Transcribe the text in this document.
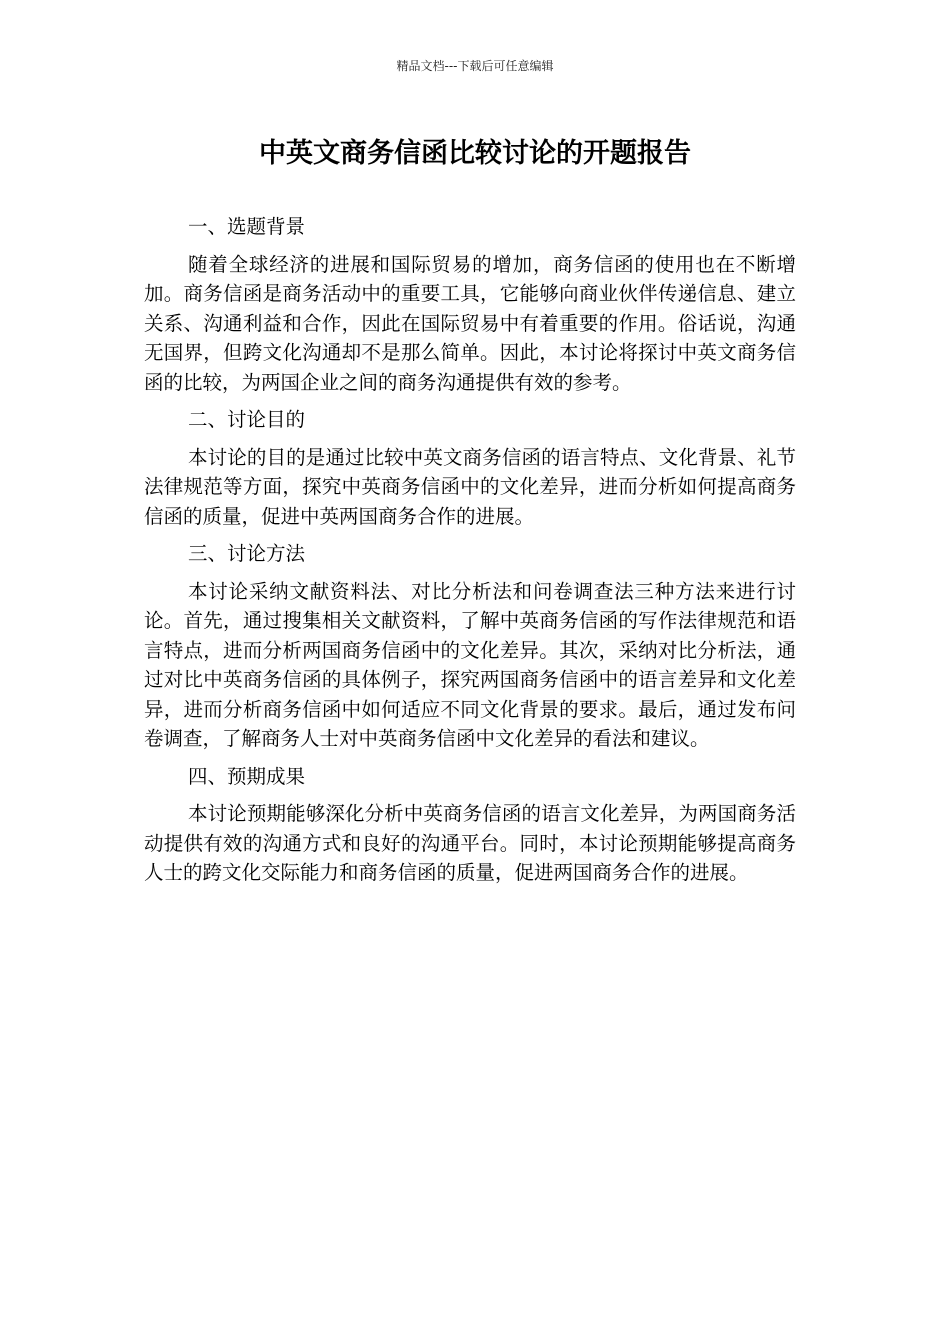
精品文档---下载后可任意编辑
中英文商务信函比较讨论的开题报告
一、选题背景

随着全球经济的进展和国际贸易的增加，商务信函的使用也在不断增加。商务信函是商务活动中的重要工具，它能够向商业伙伴传递信息、建立关系、沟通利益和合作，因此在国际贸易中有着重要的作用。俗话说，沟通无国界，但跨文化沟通却不是那么简单。因此，本讨论将探讨中英文商务信函的比较，为两国企业之间的商务沟通提供有效的参考。

二、讨论目的

本讨论的目的是通过比较中英文商务信函的语言特点、文化背景、礼节法律规范等方面，探究中英商务信函中的文化差异，进而分析如何提高商务信函的质量，促进中英两国商务合作的进展。

三、讨论方法

本讨论采纳文献资料法、对比分析法和问卷调查法三种方法来进行讨论。首先，通过搜集相关文献资料，了解中英商务信函的写作法律规范和语言特点，进而分析两国商务信函中的文化差异。其次，采纳对比分析法，通过对比中英商务信函的具体例子，探究两国商务信函中的语言差异和文化差异，进而分析商务信函中如何适应不同文化背景的要求。最后，通过发布问卷调查，了解商务人士对中英商务信函中文化差异的看法和建议。

四、预期成果

本讨论预期能够深化分析中英商务信函的语言文化差异，为两国商务活动提供有效的沟通方式和良好的沟通平台。同时，本讨论预期能够提高商务人士的跨文化交际能力和商务信函的质量，促进两国商务合作的进展。
